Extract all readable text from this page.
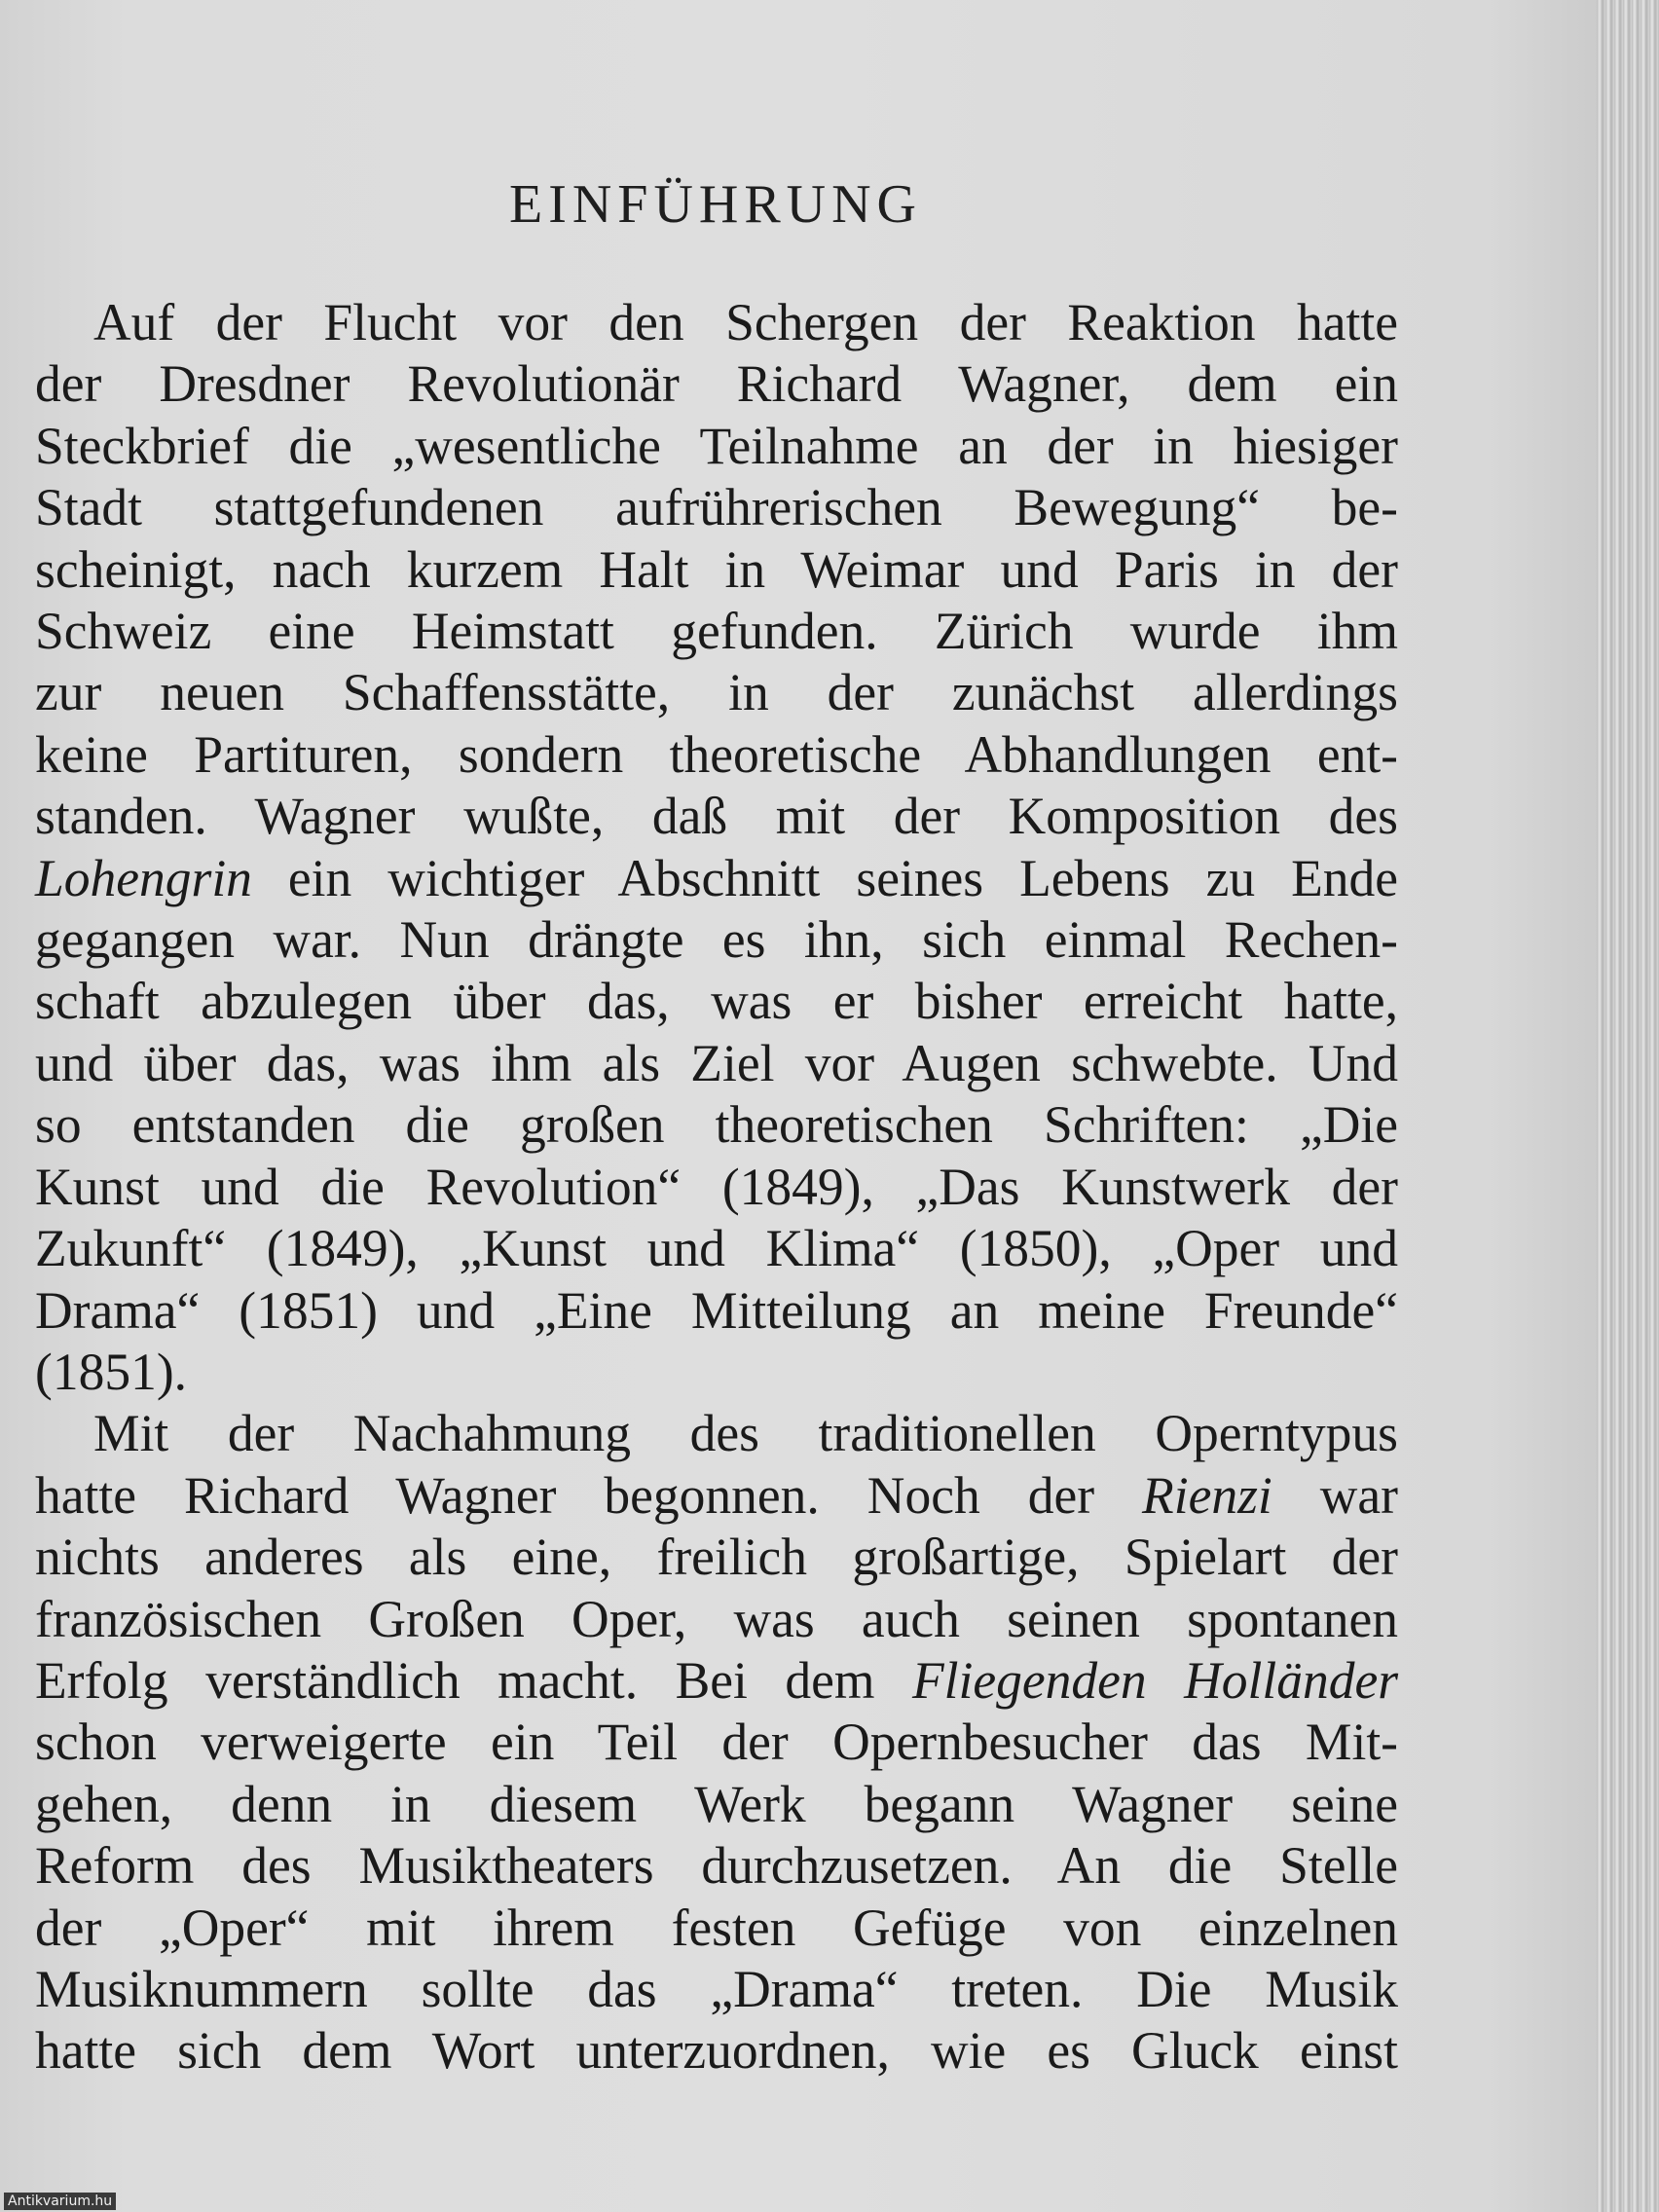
EINFÜHRUNG
Auf der Flucht vor den Schergen der Reaktion hatte
der Dresdner Revolutionär Richard Wagner, dem ein
Steckbrief die „wesentliche Teilnahme an der in hiesiger
Stadt stattgefundenen aufrührerischen Bewegung“ be-
scheinigt, nach kurzem Halt in Weimar und Paris in der
Schweiz eine Heimstatt gefunden. Zürich wurde ihm
zur neuen Schaffensstätte, in der zunächst allerdings
keine Partituren, sondern theoretische Abhandlungen ent-
standen. Wagner wußte, daß mit der Komposition des
Lohengrin ein wichtiger Abschnitt seines Lebens zu Ende
gegangen war. Nun drängte es ihn, sich einmal Rechen-
schaft abzulegen über das, was er bisher erreicht hatte,
und über das, was ihm als Ziel vor Augen schwebte. Und
so entstanden die großen theoretischen Schriften: „Die
Kunst und die Revolution“ (1849), „Das Kunstwerk der
Zukunft“ (1849), „Kunst und Klima“ (1850), „Oper und
Drama“ (1851) und „Eine Mitteilung an meine Freunde“
(1851).
Mit der Nachahmung des traditionellen Operntypus
hatte Richard Wagner begonnen. Noch der Rienzi war
nichts anderes als eine, freilich großartige, Spielart der
französischen Großen Oper, was auch seinen spontanen
Erfolg verständlich macht. Bei dem Fliegenden Holländer
schon verweigerte ein Teil der Opernbesucher das Mit-
gehen, denn in diesem Werk begann Wagner seine
Reform des Musiktheaters durchzusetzen. An die Stelle
der „Oper“ mit ihrem festen Gefüge von einzelnen
Musiknummern sollte das „Drama“ treten. Die Musik
hatte sich dem Wort unterzuordnen, wie es Gluck einst
Antikvarium.hu
